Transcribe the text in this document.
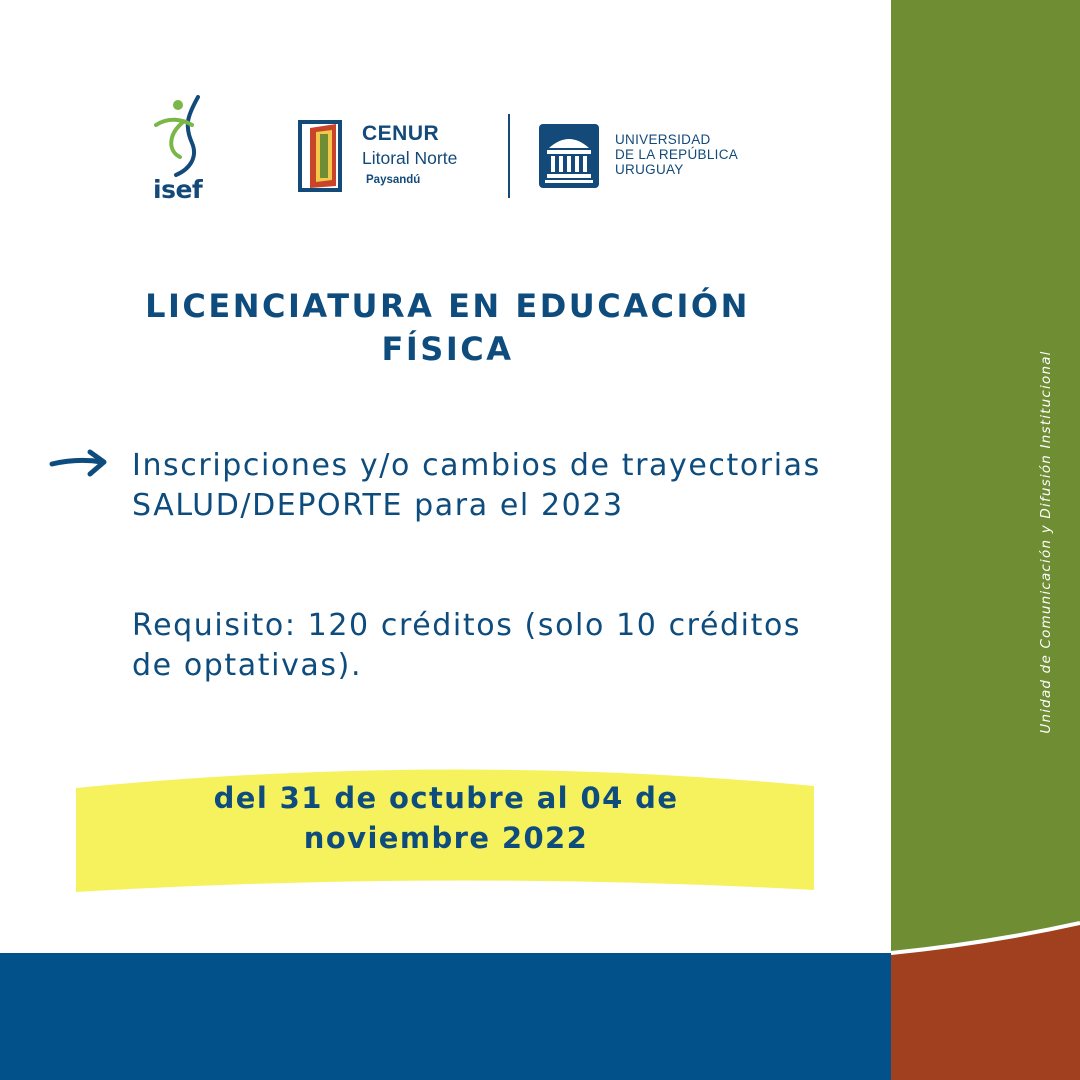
Unidad de Comunicación y Difusión Institucional
isef
CENUR
Litoral Norte
Paysandú
UNIVERSIDAD
DE LA REPÚBLICA
URUGUAY
LICENCIATURA EN EDUCACIÓN
FÍSICA
Inscripciones y/o cambios de trayectorias SALUD/DEPORTE para el 2023
Requisito: 120 créditos (solo 10 créditos de optativas).
del 31 de octubre al 04 de
noviembre 2022
